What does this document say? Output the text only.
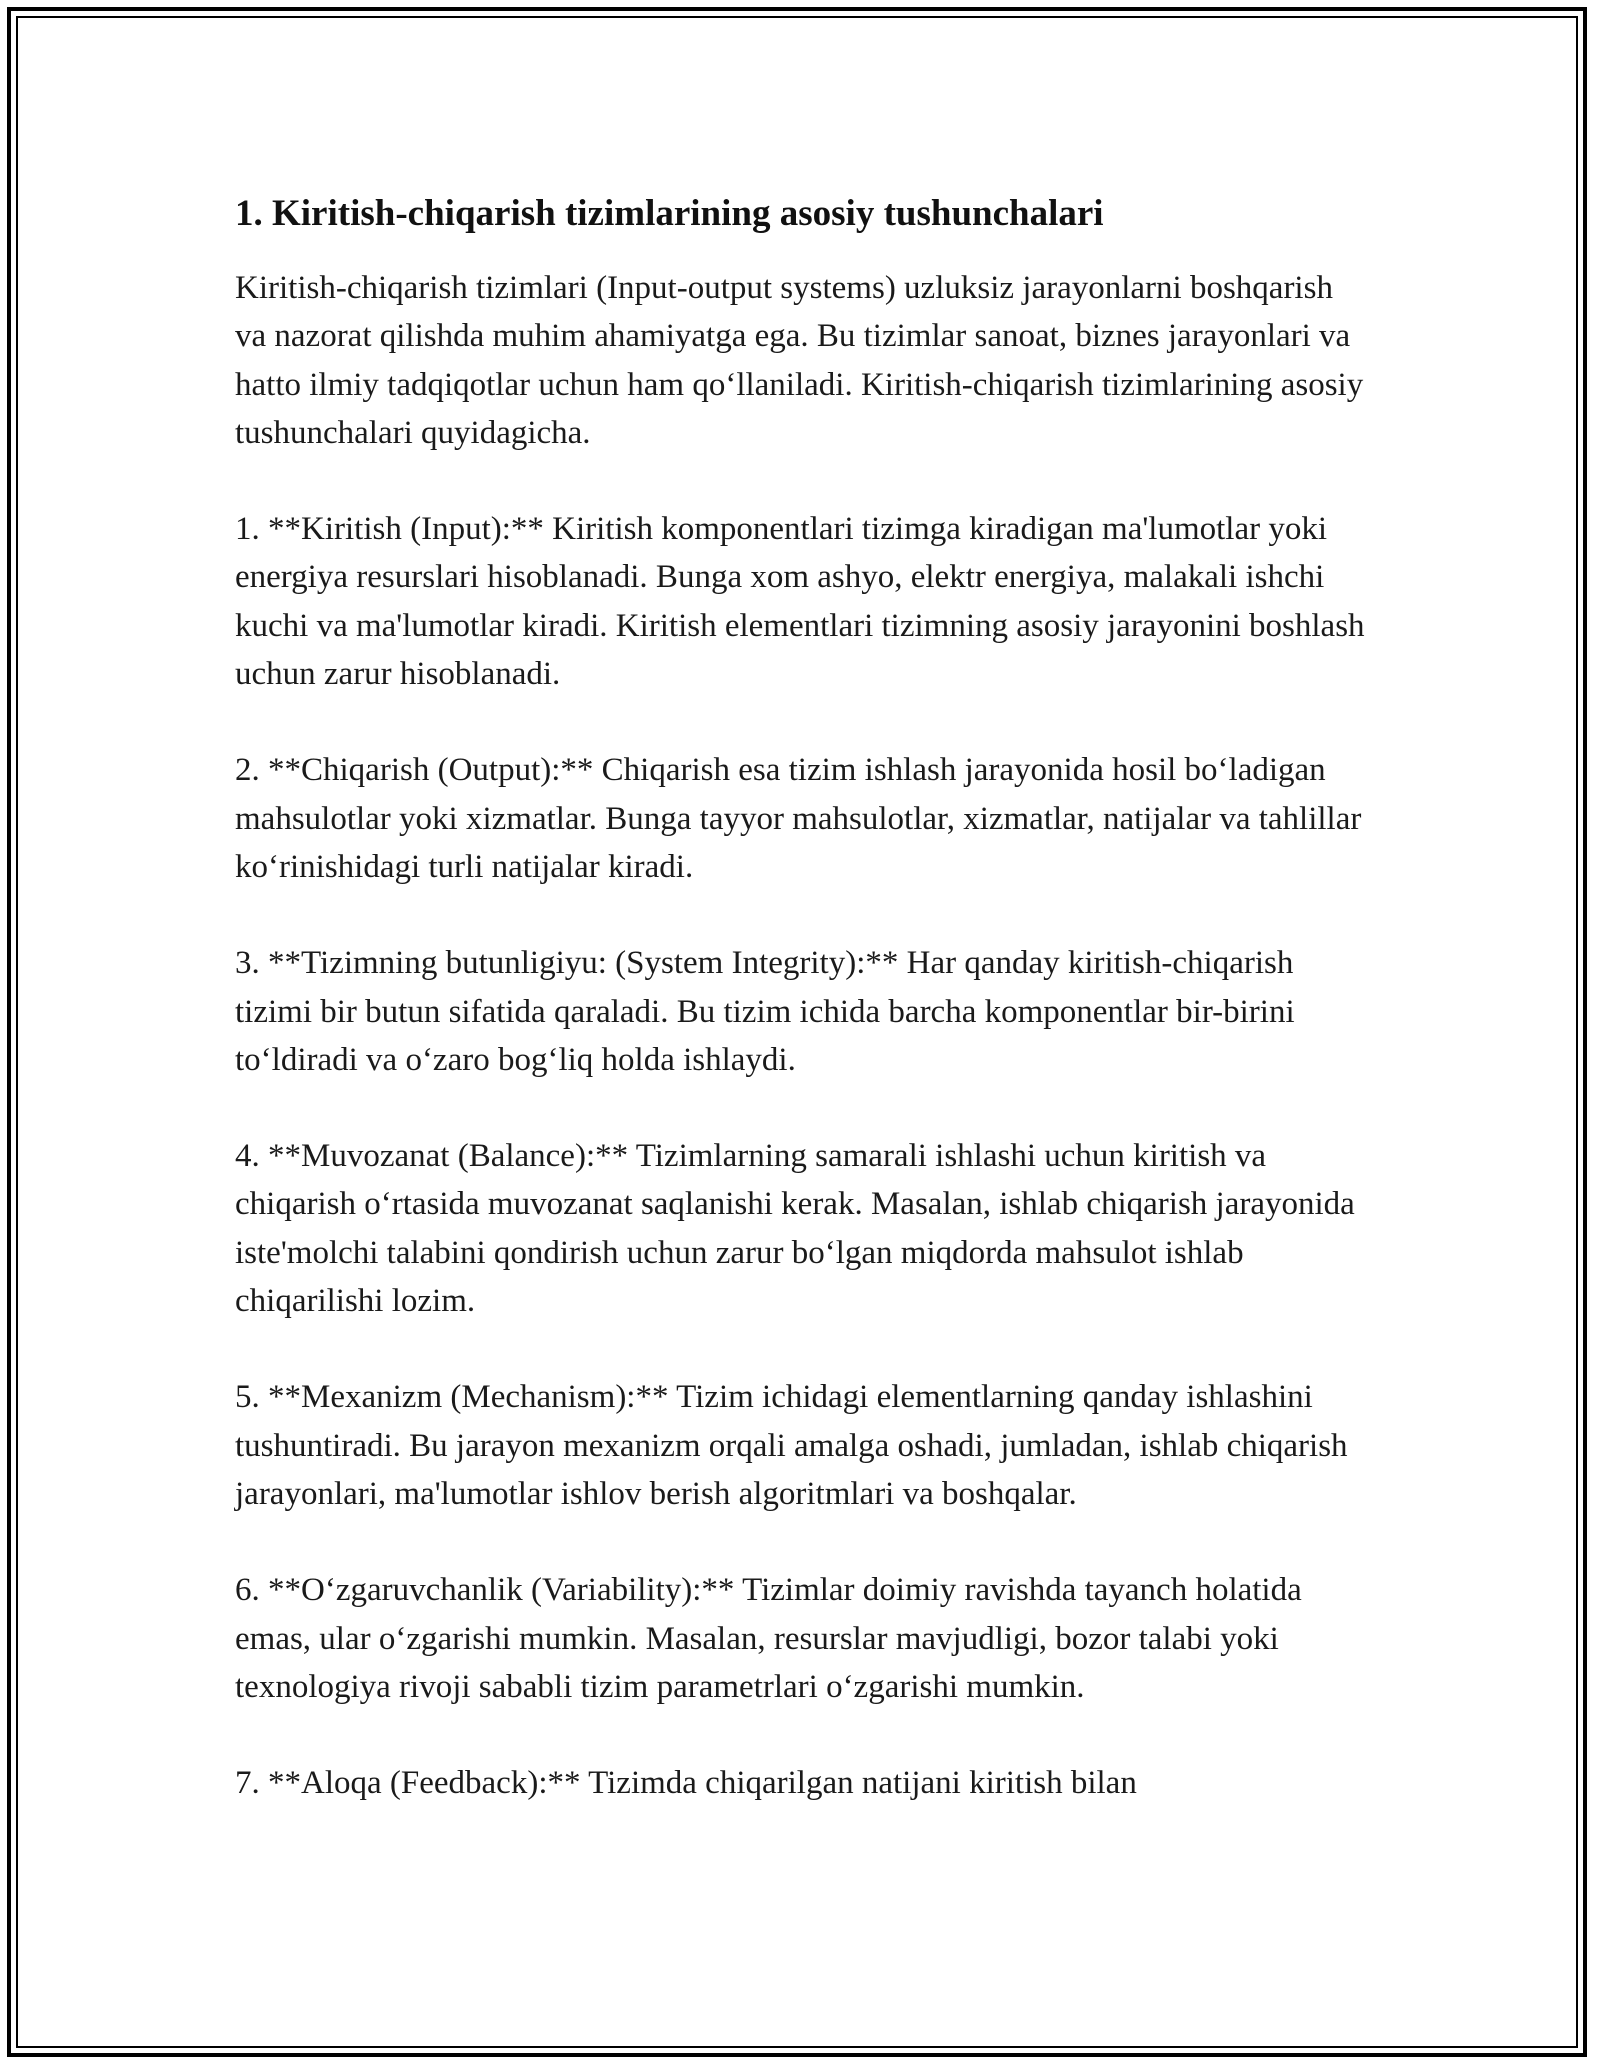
1. Kiritish-chiqarish tizimlarining asosiy tushunchalari

Kiritish-chiqarish tizimlari (Input-output systems) uzluksiz jarayonlarni boshqarish va nazorat qilishda muhim ahamiyatga ega. Bu tizimlar sanoat, biznes jarayonlari va hatto ilmiy tadqiqotlar uchun ham qoʻllaniladi. Kiritish-chiqarish tizimlarining asosiy tushunchalari quyidagicha.

1. **Kiritish (Input):** Kiritish komponentlari tizimga kiradigan ma'lumotlar yoki energiya resurslari hisoblanadi. Bunga xom ashyo, elektr energiya, malakali ishchi kuchi va ma'lumotlar kiradi. Kiritish elementlari tizimning asosiy jarayonini boshlash uchun zarur hisoblanadi.

2. **Chiqarish (Output):** Chiqarish esa tizim ishlash jarayonida hosil boʻladigan mahsulotlar yoki xizmatlar. Bunga tayyor mahsulotlar, xizmatlar, natijalar va tahlillar koʻrinishidagi turli natijalar kiradi.

3. **Tizimning butunligiyu: (System Integrity):** Har qanday kiritish-chiqarish tizimi bir butun sifatida qaraladi. Bu tizim ichida barcha komponentlar bir-birini toʻldiradi va oʻzaro bogʻliq holda ishlaydi.

4. **Muvozanat (Balance):** Tizimlarning samarali ishlashi uchun kiritish va chiqarish oʻrtasida muvozanat saqlanishi kerak. Masalan, ishlab chiqarish jarayonida iste'molchi talabini qondirish uchun zarur boʻlgan miqdorda mahsulot ishlab chiqarilishi lozim.

5. **Mexanizm (Mechanism):** Tizim ichidagi elementlarning qanday ishlashini tushuntiradi. Bu jarayon mexanizm orqali amalga oshadi, jumladan, ishlab chiqarish jarayonlari, ma'lumotlar ishlov berish algoritmlari va boshqalar.

6. **Oʻzgaruvchanlik (Variability):** Tizimlar doimiy ravishda tayanch holatida emas, ular oʻzgarishi mumkin. Masalan, resurslar mavjudligi, bozor talabi yoki texnologiya rivoji sababli tizim parametrlari oʻzgarishi mumkin.

7. **Aloqa (Feedback):** Tizimda chiqarilgan natijani kiritish bilan
